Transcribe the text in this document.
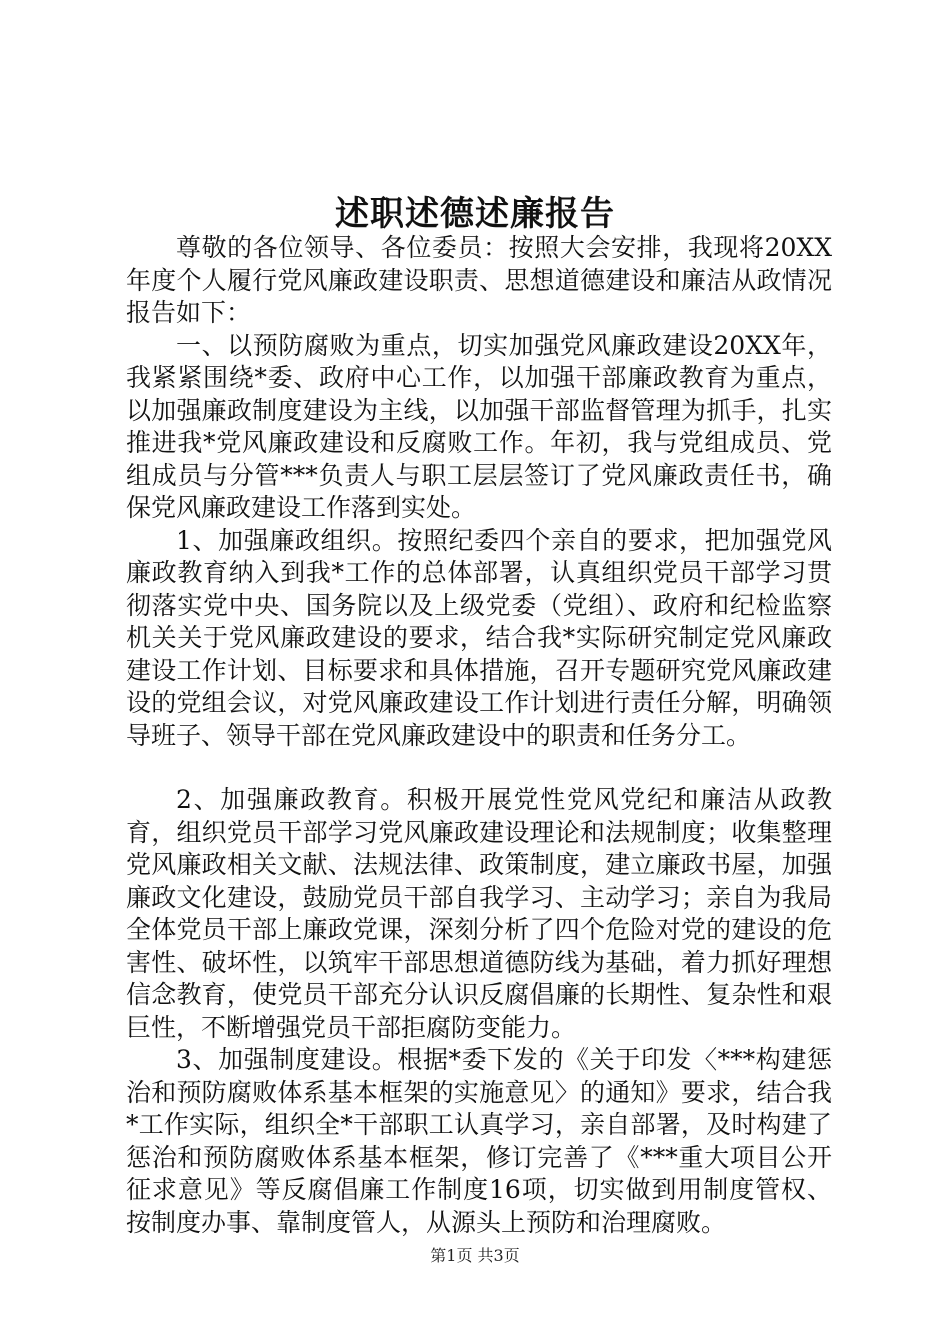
述职述德述廉报告

尊敬的各位领导、各位委员：按照大会安排，我现将20XX年度个人履行党风廉政建设职责、思想道德建设和廉洁从政情况报告如下：

一、以预防腐败为重点，切实加强党风廉政建设20XX年，我紧紧围绕*委、政府中心工作，以加强干部廉政教育为重点，以加强廉政制度建设为主线，以加强干部监督管理为抓手，扎实推进我*党风廉政建设和反腐败工作。年初，我与党组成员、党组成员与分管***负责人与职工层层签订了党风廉政责任书，确保党风廉政建设工作落到实处。

1、加强廉政组织。按照纪委四个亲自的要求，把加强党风廉政教育纳入到我*工作的总体部署，认真组织党员干部学习贯彻落实党中央、国务院以及上级党委（党组）、政府和纪检监察机关关于党风廉政建设的要求，结合我*实际研究制定党风廉政建设工作计划、目标要求和具体措施，召开专题研究党风廉政建设的党组会议，对党风廉政建设工作计划进行责任分解，明确领导班子、领导干部在党风廉政建设中的职责和任务分工。

2、加强廉政教育。积极开展党性党风党纪和廉洁从政教育，组织党员干部学习党风廉政建设理论和法规制度；收集整理党风廉政相关文献、法规法律、政策制度，建立廉政书屋，加强廉政文化建设，鼓励党员干部自我学习、主动学习；亲自为我局全体党员干部上廉政党课，深刻分析了四个危险对党的建设的危害性、破坏性，以筑牢干部思想道德防线为基础，着力抓好理想信念教育，使党员干部充分认识反腐倡廉的长期性、复杂性和艰巨性，不断增强党员干部拒腐防变能力。

3、加强制度建设。根据*委下发的《关于印发〈***构建惩治和预防腐败体系基本框架的实施意见〉的通知》要求，结合我*工作实际，组织全*干部职工认真学习，亲自部署，及时构建了惩治和预防腐败体系基本框架，修订完善了《***重大项目公开征求意见》等反腐倡廉工作制度16项，切实做到用制度管权、按制度办事、靠制度管人，从源头上预防和治理腐败。

第1页 共3页
